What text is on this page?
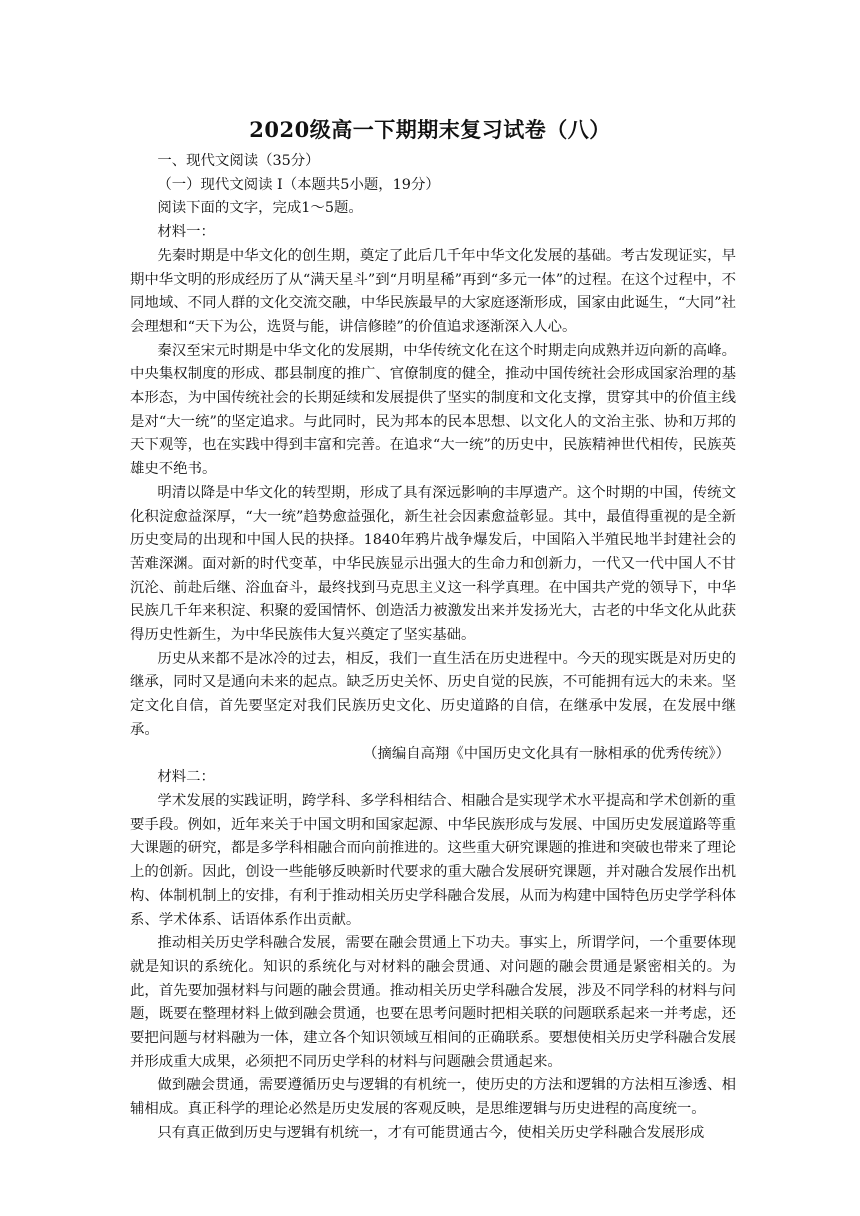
2020级高一下期期末复习试卷（八）

一、现代文阅读（35分）

（一）现代文阅读 I（本题共5小题，19分）

阅读下面的文字，完成1～5题。

材料一：

先秦时期是中华文化的创生期，奠定了此后几千年中华文化发展的基础。考古发现证实，早期中华文明的形成经历了从“满天星斗”到“月明星稀”再到“多元一体”的过程。在这个过程中，不同地域、不同人群的文化交流交融，中华民族最早的大家庭逐渐形成，国家由此诞生，“大同”社会理想和“天下为公，选贤与能，讲信修睦”的价值追求逐渐深入人心。

秦汉至宋元时期是中华文化的发展期，中华传统文化在这个时期走向成熟并迈向新的高峰。中央集权制度的形成、郡县制度的推广、官僚制度的健全，推动中国传统社会形成国家治理的基本形态，为中国传统社会的长期延续和发展提供了坚实的制度和文化支撑，贯穿其中的价值主线是对“大一统”的坚定追求。与此同时，民为邦本的民本思想、以文化人的文治主张、协和万邦的天下观等，也在实践中得到丰富和完善。在追求“大一统”的历史中，民族精神世代相传，民族英雄史不绝书。

明清以降是中华文化的转型期，形成了具有深远影响的丰厚遗产。这个时期的中国，传统文化积淀愈益深厚，“大一统”趋势愈益强化，新生社会因素愈益彰显。其中，最值得重视的是全新历史变局的出现和中国人民的抉择。1840年鸦片战争爆发后，中国陷入半殖民地半封建社会的苦难深渊。面对新的时代变革，中华民族显示出强大的生命力和创新力，一代又一代中国人不甘沉沦、前赴后继、浴血奋斗，最终找到马克思主义这一科学真理。在中国共产党的领导下，中华民族几千年来积淀、积聚的爱国情怀、创造活力被激发出来并发扬光大，古老的中华文化从此获得历史性新生，为中华民族伟大复兴奠定了坚实基础。

历史从来都不是冰冷的过去，相反，我们一直生活在历史进程中。今天的现实既是对历史的继承，同时又是通向未来的起点。缺乏历史关怀、历史自觉的民族，不可能拥有远大的未来。坚定文化自信，首先要坚定对我们民族历史文化、历史道路的自信，在继承中发展，在发展中继承。

（摘编自高翔《中国历史文化具有一脉相承的优秀传统》）

材料二：

学术发展的实践证明，跨学科、多学科相结合、相融合是实现学术水平提高和学术创新的重要手段。例如，近年来关于中国文明和国家起源、中华民族形成与发展、中国历史发展道路等重大课题的研究，都是多学科相融合而向前推进的。这些重大研究课题的推进和突破也带来了理论上的创新。因此，创设一些能够反映新时代要求的重大融合发展研究课题，并对融合发展作出机构、体制机制上的安排，有利于推动相关历史学科融合发展，从而为构建中国特色历史学学科体系、学术体系、话语体系作出贡献。

推动相关历史学科融合发展，需要在融会贯通上下功夫。事实上，所谓学问，一个重要体现就是知识的系统化。知识的系统化与对材料的融会贯通、对问题的融会贯通是紧密相关的。为此，首先要加强材料与问题的融会贯通。推动相关历史学科融合发展，涉及不同学科的材料与问题，既要在整理材料上做到融会贯通，也要在思考问题时把相关联的问题联系起来一并考虑，还要把问题与材料融为一体，建立各个知识领域互相间的正确联系。要想使相关历史学科融合发展并形成重大成果，必须把不同历史学科的材料与问题融会贯通起来。

做到融会贯通，需要遵循历史与逻辑的有机统一，使历史的方法和逻辑的方法相互渗透、相辅相成。真正科学的理论必然是历史发展的客观反映，是思维逻辑与历史进程的高度统一。

只有真正做到历史与逻辑有机统一，才有可能贯通古今，使相关历史学科融合发展形成
